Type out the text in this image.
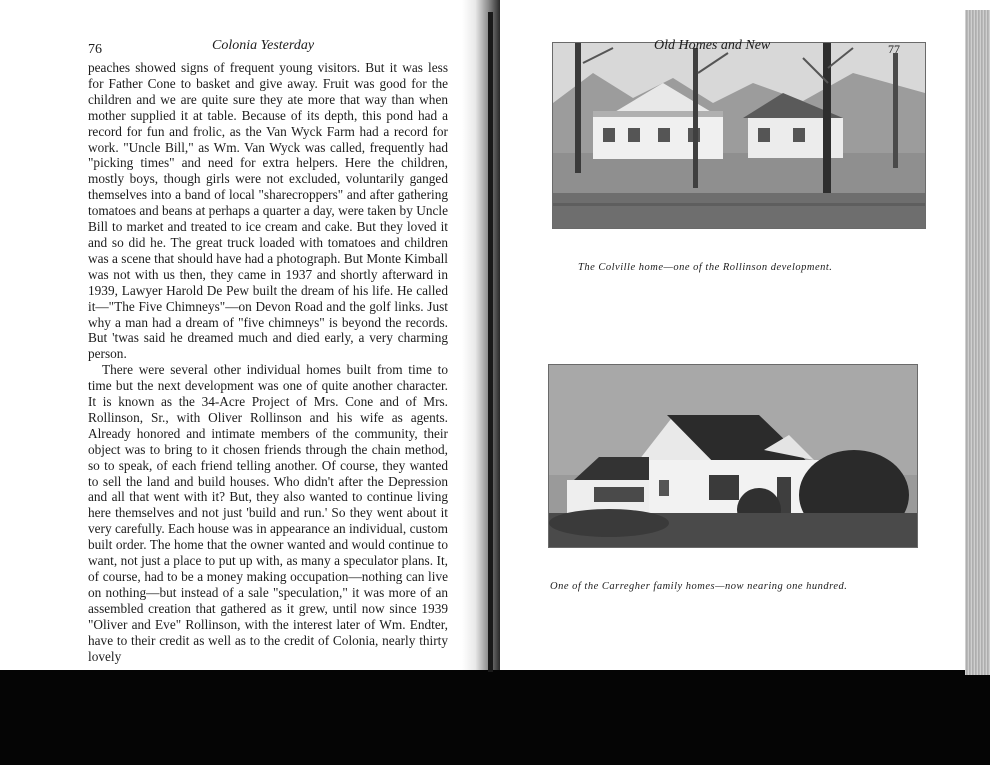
76	Colonia Yesterday

peaches showed signs of frequent young visitors. But it was less for Father Cone to basket and give away. Fruit was good for the children and we are quite sure they ate more that way than when mother supplied it at table. Because of its depth, this pond had a record for fun and frolic, as the Van Wyck Farm had a record for work. "Uncle Bill," as Wm. Van Wyck was called, frequently had "picking times" and need for extra helpers. Here the children, mostly boys, though girls were not excluded, voluntarily ganged themselves into a band of local "sharecroppers" and after gathering tomatoes and beans at perhaps a quarter a day, were taken by Uncle Bill to market and treated to ice cream and cake. But they loved it and so did he. The great truck loaded with tomatoes and children was a scene that should have had a photograph. But Monte Kimball was not with us then, they came in 1937 and shortly afterward in 1939, Lawyer Harold De Pew built the dream of his life. He called it—"The Five Chimneys"—on Devon Road and the golf links. Just why a man had a dream of "five chimneys" is beyond the records. But 'twas said he dreamed much and died early, a very charming person.

There were several other individual homes built from time to time but the next development was one of quite another character. It is known as the 34-Acre Project of Mrs. Cone and of Mrs. Rollinson, Sr., with Oliver Rollinson and his wife as agents. Already honored and intimate members of the community, their object was to bring to it chosen friends through the chain method, so to speak, of each friend telling another. Of course, they wanted to sell the land and build houses. Who didn't after the Depression and all that went with it? But, they also wanted to continue living here themselves and not just 'build and run.' So they went about it very carefully. Each house was in appearance an individual, custom built order. The home that the owner wanted and would continue to want, not just a place to put up with, as many a speculator plans. It, of course, had to be a money making occupation—nothing can live on nothing—but instead of a sale "speculation," it was more of an assembled creation that gathered as it grew, until now since 1939 "Oliver and Eve" Rollinson, with the interest later of Wm. Endter, have to their credit as well as to the credit of Colonia, nearly thirty lovely

Old Homes and New	77
The Colville home—one of the Rollinson development.
One of the Carregher family homes—now nearing one hundred.
